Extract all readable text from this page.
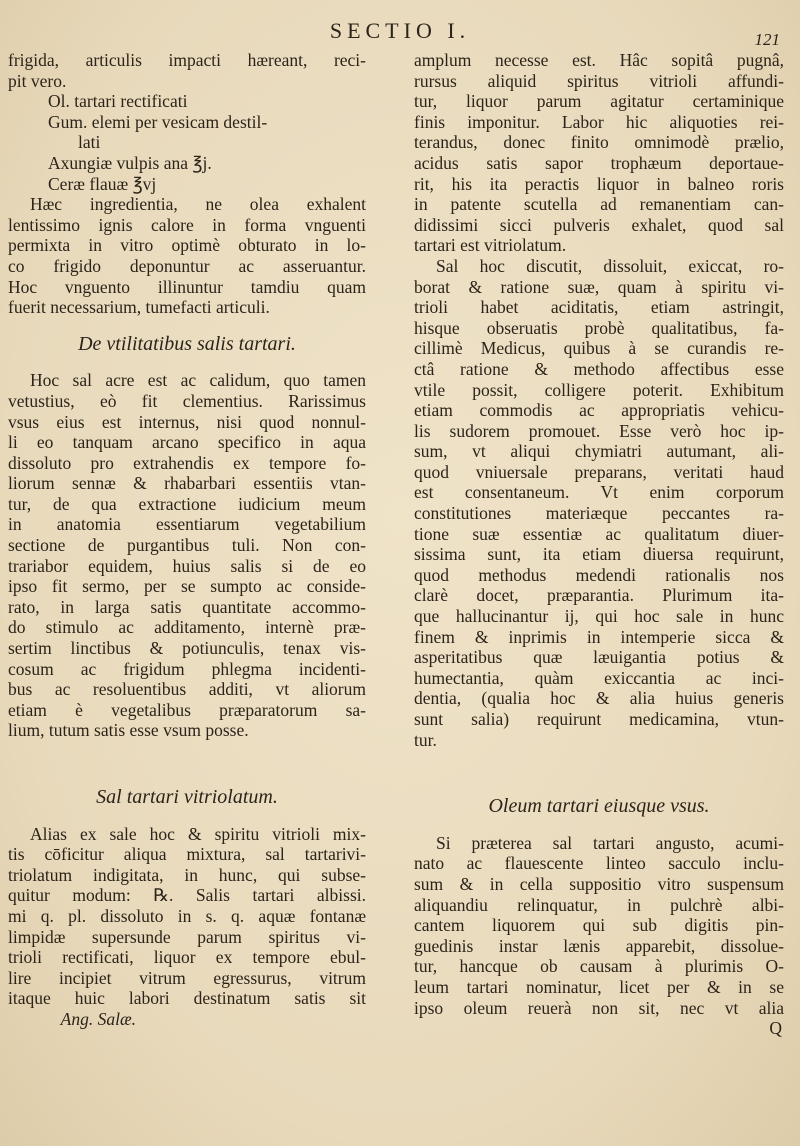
SECTIO I.	121
frigida, articulis impacti hæreant, reci-
pit vero.
Ol. tartari rectificati
Gum. elemi per vesicam destil-
lati
Axungiæ vulpis ana ℥j.
Ceræ flauæ ℥vj
Hæc ingredientia, ne olea exhalent
lentissimo ignis calore in forma vnguenti
permixta in vitro optimè obturato in lo-
co frigido deponuntur ac asseruantur.
Hoc vnguento illinuntur tamdiu quam
fuerit necessarium, tumefacti articuli.
De vtilitatibus salis tartari.
Hoc sal acre est ac calidum, quo tamen
vetustius, eò fit clementius. Rarissimus
vsus eius est internus, nisi quod nonnul-
li eo tanquam arcano specifico in aqua
dissoluto pro extrahendis ex tempore fo-
liorum sennæ & rhabarbari essentiis vtan-
tur, de qua extractione iudicium meum
in anatomia essentiarum vegetabilium
sectione de purgantibus tuli. Non con-
trariabor equidem, huius salis si de eo
ipso fit sermo, per se sumpto ac conside-
rato, in larga satis quantitate accommo-
do stimulo ac additamento, internè præ-
sertim linctibus & potiunculis, tenax vis-
cosum ac frigidum phlegma incidenti-
bus ac resoluentibus additi, vt aliorum
etiam è vegetalibus præparatorum sa-
lium, tutum satis esse vsum posse.
Sal tartari vitriolatum.
Alias ex sale hoc & spiritu vitrioli mix-
tis cōficitur aliqua mixtura, sal tartarivi-
triolatum indigitata, in hunc, qui subse-
quitur modum: ℞. Salis tartari albissi.
mi q. pl. dissoluto in s. q. aquæ fontanæ
limpidæ supersunde parum spiritus vi-
trioli rectificati, liquor ex tempore ebul-
lire incipiet vitrum egressurus, vitrum
itaque huic labori destinatum satis sit
Ang. Salæ.
amplum necesse est. Hâc sopitâ pugnâ,
rursus aliquid spiritus vitrioli affundi-
tur, liquor parum agitatur certaminique
finis imponitur. Labor hic aliquoties rei-
terandus, donec finito omnimodè prælio,
acidus satis sapor trophæum deportaue-
rit, his ita peractis liquor in balneo roris
in patente scutella ad remanentiam can-
didissimi sicci pulveris exhalet, quod sal
tartari est vitriolatum.
Sal hoc discutit, dissoluit, exiccat, ro-
borat & ratione suæ, quam à spiritu vi-
trioli habet aciditatis, etiam astringit,
hisque obseruatis probè qualitatibus, fa-
cillimè Medicus, quibus à se curandis re-
ctâ ratione & methodo affectibus esse
vtile possit, colligere poterit. Exhibitum
etiam commodis ac appropriatis vehicu-
lis sudorem promouet. Esse verò hoc ip-
sum, vt aliqui chymiatri autumant, ali-
quod vniuersale preparans, veritati haud
est consentaneum. Vt enim corporum
constitutiones materiæque peccantes ra-
tione suæ essentiæ ac qualitatum diuer-
sissima sunt, ita etiam diuersa requirunt,
quod methodus medendi rationalis nos
clarè docet, præparantia. Plurimum ita-
que hallucinantur ij, qui hoc sale in hunc
finem & inprimis in intemperie sicca &
asperitatibus quæ læuigantia potius &
humectantia, quàm exiccantia ac inci-
dentia, (qualia hoc & alia huius generis
sunt salia) requirunt medicamina, vtun-
tur.
Oleum tartari eiusque vsus.
Si præterea sal tartari angusto, acumi-
nato ac flauescente linteo sacculo inclu-
sum & in cella suppositio vitro suspensum
aliquandiu relinquatur, in pulchrè albi-
cantem liquorem qui sub digitis pin-
guedinis instar lænis apparebit, dissolue-
tur, hancque ob causam à plurimis O-
leum tartari nominatur, licet per & in se
ipso oleum reuerà non sit, nec vt alia
Q
